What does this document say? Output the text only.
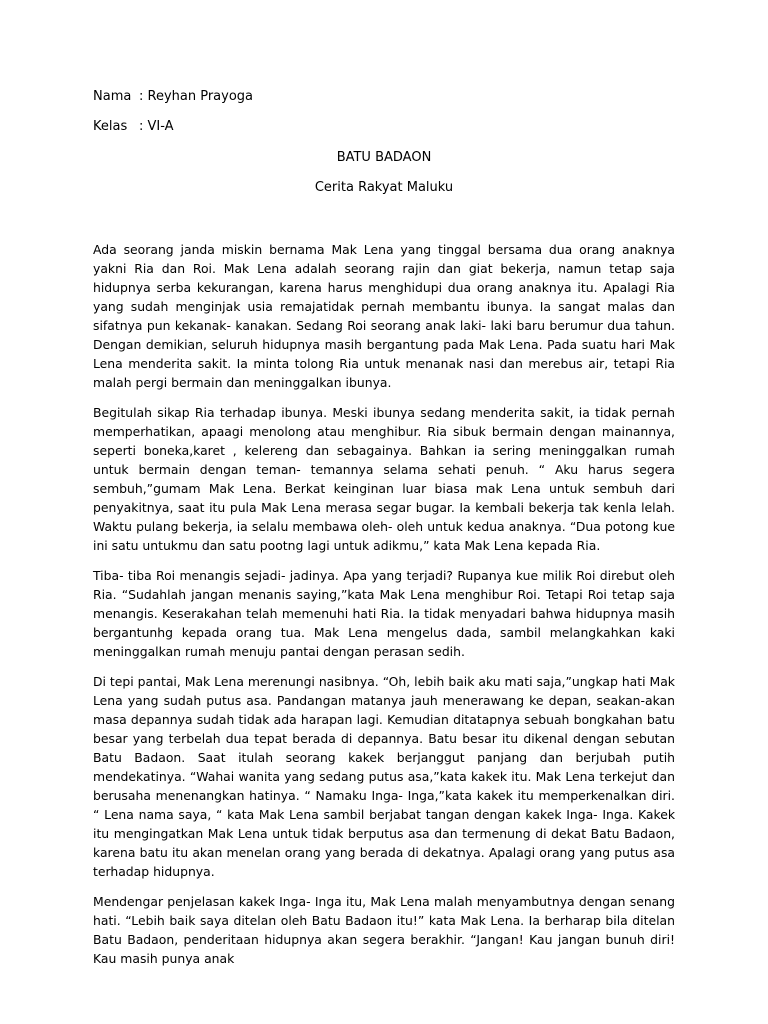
Nama : Reyhan Prayoga
Kelas : VI-A
BATU BADAON
Cerita Rakyat Maluku

Ada seorang janda miskin bernama Mak Lena yang tinggal bersama dua orang anaknya yakni Ria dan Roi. Mak Lena adalah seorang rajin dan giat bekerja, namun tetap saja hidupnya serba kekurangan, karena harus menghidupi dua orang anaknya itu. Apalagi Ria yang sudah menginjak usia remajatidak pernah membantu ibunya. Ia sangat malas dan sifatnya pun kekanak- kanakan. Sedang Roi seorang anak laki- laki baru berumur dua tahun. Dengan demikian, seluruh hidupnya masih bergantung pada Mak Lena. Pada suatu hari Mak Lena menderita sakit. Ia minta tolong Ria untuk menanak nasi dan merebus air, tetapi Ria malah pergi bermain dan meninggalkan ibunya.

Begitulah sikap Ria terhadap ibunya. Meski ibunya sedang menderita sakit, ia tidak pernah memperhatikan, apaagi menolong atau menghibur. Ria sibuk bermain dengan mainannya, seperti boneka,karet , kelereng dan sebagainya. Bahkan ia sering meninggalkan rumah untuk bermain dengan teman- temannya selama sehati penuh. “ Aku harus segera sembuh,”gumam Mak Lena. Berkat keinginan luar biasa mak Lena untuk sembuh dari penyakitnya, saat itu pula Mak Lena merasa segar bugar. Ia kembali bekerja tak kenla lelah. Waktu pulang bekerja, ia selalu membawa oleh- oleh untuk kedua anaknya. “Dua potong kue ini satu untukmu dan satu pootng lagi untuk adikmu,” kata Mak Lena kepada Ria.

Tiba- tiba Roi menangis sejadi- jadinya. Apa yang terjadi? Rupanya kue milik Roi direbut oleh Ria. “Sudahlah jangan menanis saying,”kata Mak Lena menghibur Roi. Tetapi Roi tetap saja menangis. Keserakahan telah memenuhi hati Ria. Ia tidak menyadari bahwa hidupnya masih bergantunhg kepada orang tua. Mak Lena mengelus dada, sambil melangkahkan kaki meninggalkan rumah menuju pantai dengan perasan sedih.

Di tepi pantai, Mak Lena merenungi nasibnya. “Oh, lebih baik aku mati saja,”ungkap hati Mak Lena yang sudah putus asa. Pandangan matanya jauh menerawang ke depan, seakan-akan masa depannya sudah tidak ada harapan lagi. Kemudian ditatapnya sebuah bongkahan batu besar yang terbelah dua tepat berada di depannya. Batu besar itu dikenal dengan sebutan Batu Badaon. Saat itulah seorang kakek berjanggut panjang dan berjubah putih mendekatinya. “Wahai wanita yang sedang putus asa,”kata kakek itu. Mak Lena terkejut dan berusaha menenangkan hatinya. “ Namaku Inga- Inga,”kata kakek itu memperkenalkan diri. “ Lena nama saya, “ kata Mak Lena sambil berjabat tangan dengan kakek Inga- Inga. Kakek itu mengingatkan Mak Lena untuk tidak berputus asa dan termenung di dekat Batu Badaon, karena batu itu akan menelan orang yang berada di dekatnya. Apalagi orang yang putus asa terhadap hidupnya.

Mendengar penjelasan kakek Inga- Inga itu, Mak Lena malah menyambutnya dengan senang hati. “Lebih baik saya ditelan oleh Batu Badaon itu!” kata Mak Lena. Ia berharap bila ditelan Batu Badaon, penderitaan hidupnya akan segera berakhir. “Jangan! Kau jangan bunuh diri! Kau masih punya anak
